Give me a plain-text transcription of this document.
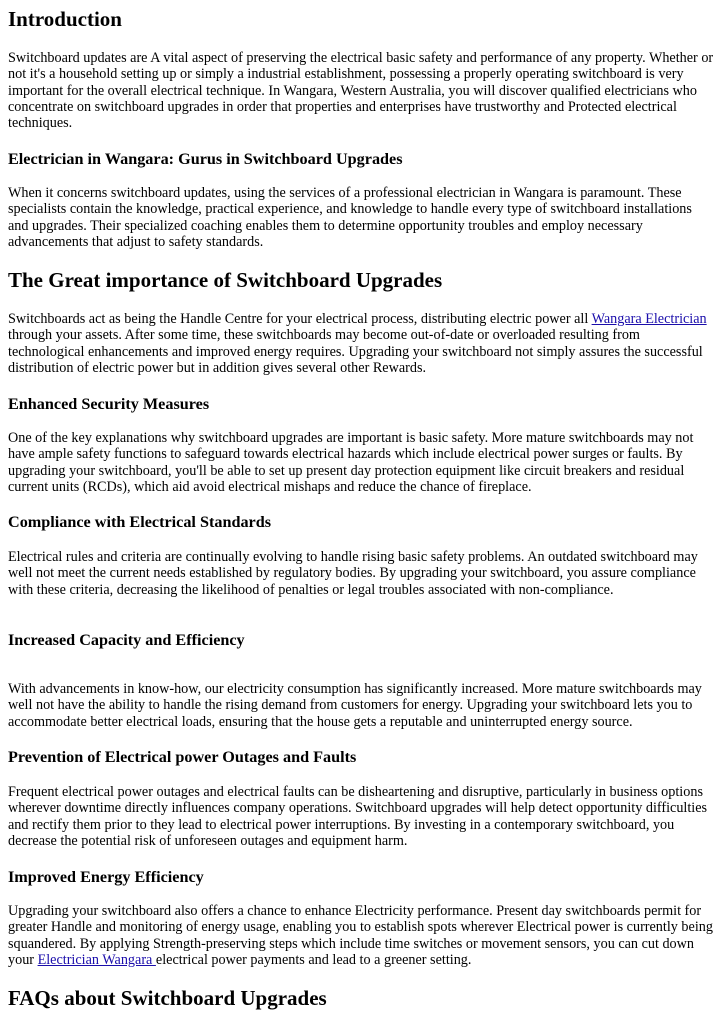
Introduction

Switchboard updates are A vital aspect of preserving the electrical basic safety and performance of any property. Whether or not it's a household setting up or simply a industrial establishment, possessing a properly operating switchboard is very important for the overall electrical technique. In Wangara, Western Australia, you will discover qualified electricians who concentrate on switchboard upgrades in order that properties and enterprises have trustworthy and Protected electrical techniques.

Electrician in Wangara: Gurus in Switchboard Upgrades

When it concerns switchboard updates, using the services of a professional electrician in Wangara is paramount. These specialists contain the knowledge, practical experience, and knowledge to handle every type of switchboard installations and upgrades. Their specialized coaching enables them to determine opportunity troubles and employ necessary advancements that adjust to safety standards.

The Great importance of Switchboard Upgrades

Switchboards act as being the Handle Centre for your electrical process, distributing electric power all Wangara Electrician through your assets. After some time, these switchboards may become out-of-date or overloaded resulting from technological enhancements and improved energy requires. Upgrading your switchboard not simply assures the successful distribution of electric power but in addition gives several other Rewards.

Enhanced Security Measures

One of the key explanations why switchboard upgrades are important is basic safety. More mature switchboards may not have ample safety functions to safeguard towards electrical hazards which include electrical power surges or faults. By upgrading your switchboard, you'll be able to set up present day protection equipment like circuit breakers and residual current units (RCDs), which aid avoid electrical mishaps and reduce the chance of fireplace.

Compliance with Electrical Standards

Electrical rules and criteria are continually evolving to handle rising basic safety problems. An outdated switchboard may well not meet the current needs established by regulatory bodies. By upgrading your switchboard, you assure compliance with these criteria, decreasing the likelihood of penalties or legal troubles associated with non-compliance.

Increased Capacity and Efficiency

With advancements in know-how, our electricity consumption has significantly increased. More mature switchboards may well not have the ability to handle the rising demand from customers for energy. Upgrading your switchboard lets you to accommodate better electrical loads, ensuring that the house gets a reputable and uninterrupted energy source.

Prevention of Electrical power Outages and Faults

Frequent electrical power outages and electrical faults can be disheartening and disruptive, particularly in business options wherever downtime directly influences company operations. Switchboard upgrades will help detect opportunity difficulties and rectify them prior to they lead to electrical power interruptions. By investing in a contemporary switchboard, you decrease the potential risk of unforeseen outages and equipment harm.

Improved Energy Efficiency

Upgrading your switchboard also offers a chance to enhance Electricity performance. Present day switchboards permit for greater Handle and monitoring of energy usage, enabling you to establish spots wherever Electrical power is currently being squandered. By applying Strength-preserving steps which include time switches or movement sensors, you can cut down your Electrician Wangara electrical power payments and lead to a greener setting.

FAQs about Switchboard Upgrades
